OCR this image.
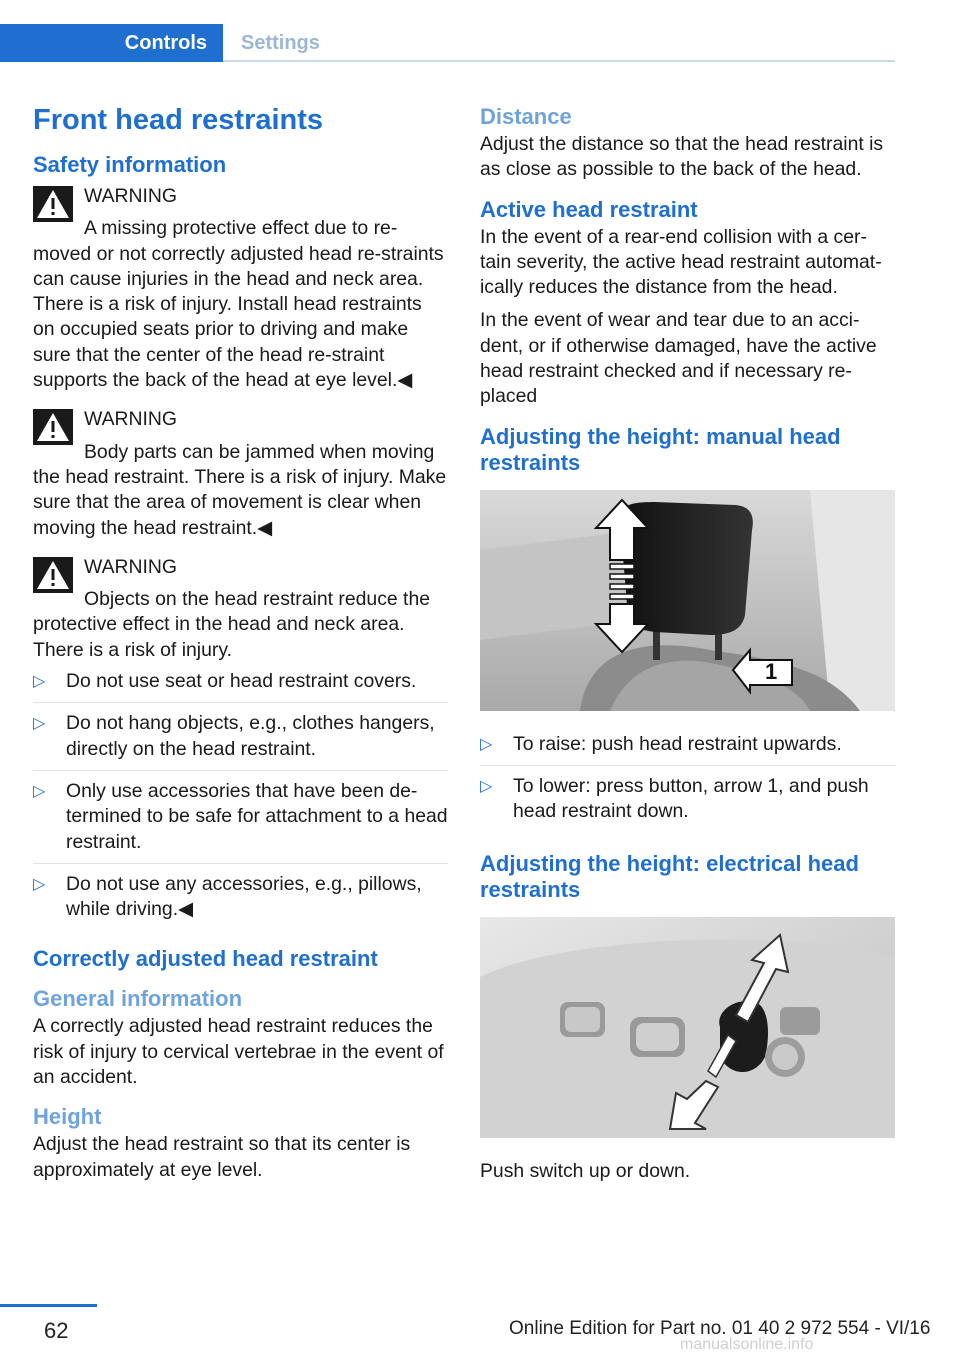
Controls	Settings
Front head restraints
Safety information
WARNING
A missing protective effect due to re‐moved or not correctly adjusted head re‐straints can cause injuries in the head and neck area. There is a risk of injury. Install head restraints on occupied seats prior to driving and make sure that the center of the head re‐straint supports the back of the head at eye level.◀
WARNING
Body parts can be jammed when moving the head restraint. There is a risk of injury. Make sure that the area of movement is clear when moving the head restraint.◀
WARNING
Objects on the head restraint reduce the protective effect in the head and neck area. There is a risk of injury.
▷ Do not use seat or head restraint covers.
▷ Do not hang objects, e.g., clothes hangers, directly on the head restraint.
▷ Only use accessories that have been de‐termined to be safe for attachment to a head restraint.
▷ Do not use any accessories, e.g., pillows, while driving.◀
Correctly adjusted head restraint
General information
A correctly adjusted head restraint reduces the risk of injury to cervical vertebrae in the event of an accident.
Height
Adjust the head restraint so that its center is approximately at eye level.
Distance
Adjust the distance so that the head restraint is as close as possible to the back of the head.
Active head restraint
In the event of a rear-end collision with a cer‐tain severity, the active head restraint automat‐ically reduces the distance from the head.
In the event of wear and tear due to an acci‐dent, or if otherwise damaged, have the active head restraint checked and if necessary re‐placed
Adjusting the height: manual head restraints
1
▷ To raise: push head restraint upwards.
▷ To lower: press button, arrow 1, and push head restraint down.
Adjusting the height: electrical head restraints
Push switch up or down.
62	Online Edition for Part no. 01 40 2 972 554 - VI/16
manualsonline.info
